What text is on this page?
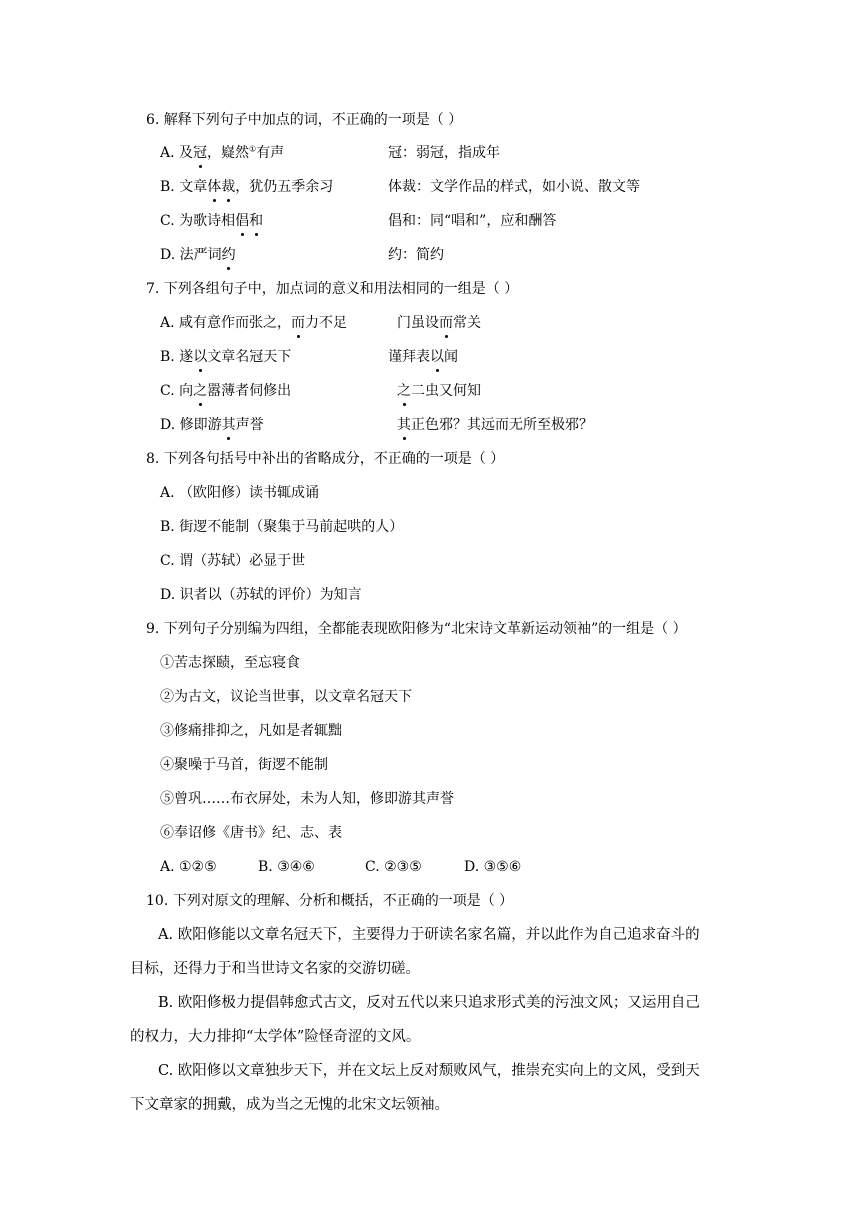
6. 解释下列句子中加点的词，不正确的一项是（ ）
A. 及冠，嶷然①有声	冠：弱冠，指成年
B. 文章体裁，犹仍五季余习	体裁：文学作品的样式，如小说、散文等
C. 为歌诗相倡和	倡和：同“唱和”，应和酬答
D. 法严词约	约：简约
7. 下列各组句子中，加点词的意义和用法相同的一组是（ ）
A. 咸有意作而张之，而力不足	门虽设而常关
B. 遂以文章名冠天下	谨拜表以闻
C. 向之嚣薄者伺修出	之二虫又何知
D. 修即游其声誉	其正色邪？其远而无所至极邪？
8. 下列各句括号中补出的省略成分，不正确的一项是（ ）
A. （欧阳修）读书辄成诵
B. 街逻不能制（聚集于马前起哄的人）
C. 谓（苏轼）必显于世
D. 识者以（苏轼的评价）为知言
9. 下列句子分别编为四组，全都能表现欧阳修为“北宋诗文革新运动领袖”的一组是（ ）
①苦志探赜，至忘寝食
②为古文，议论当世事，以文章名冠天下
③修痛排抑之，凡如是者辄黜
④聚噪于马首，街逻不能制
⑤曾巩……布衣屏处，未为人知，修即游其声誉
⑥奉诏修《唐书》纪、志、表
A. ①②⑤	B. ③④⑥	C. ②③⑤	D. ③⑤⑥
10. 下列对原文的理解、分析和概括，不正确的一项是（ ）
A. 欧阳修能以文章名冠天下，主要得力于研读名家名篇，并以此作为自己追求奋斗的
目标，还得力于和当世诗文名家的交游切磋。
B. 欧阳修极力提倡韩愈式古文，反对五代以来只追求形式美的污浊文风；又运用自己
的权力，大力排抑“太学体”险怪奇涩的文风。
C. 欧阳修以文章独步天下，并在文坛上反对颓败风气，推崇充实向上的文风，受到天
下文章家的拥戴，成为当之无愧的北宋文坛领袖。
